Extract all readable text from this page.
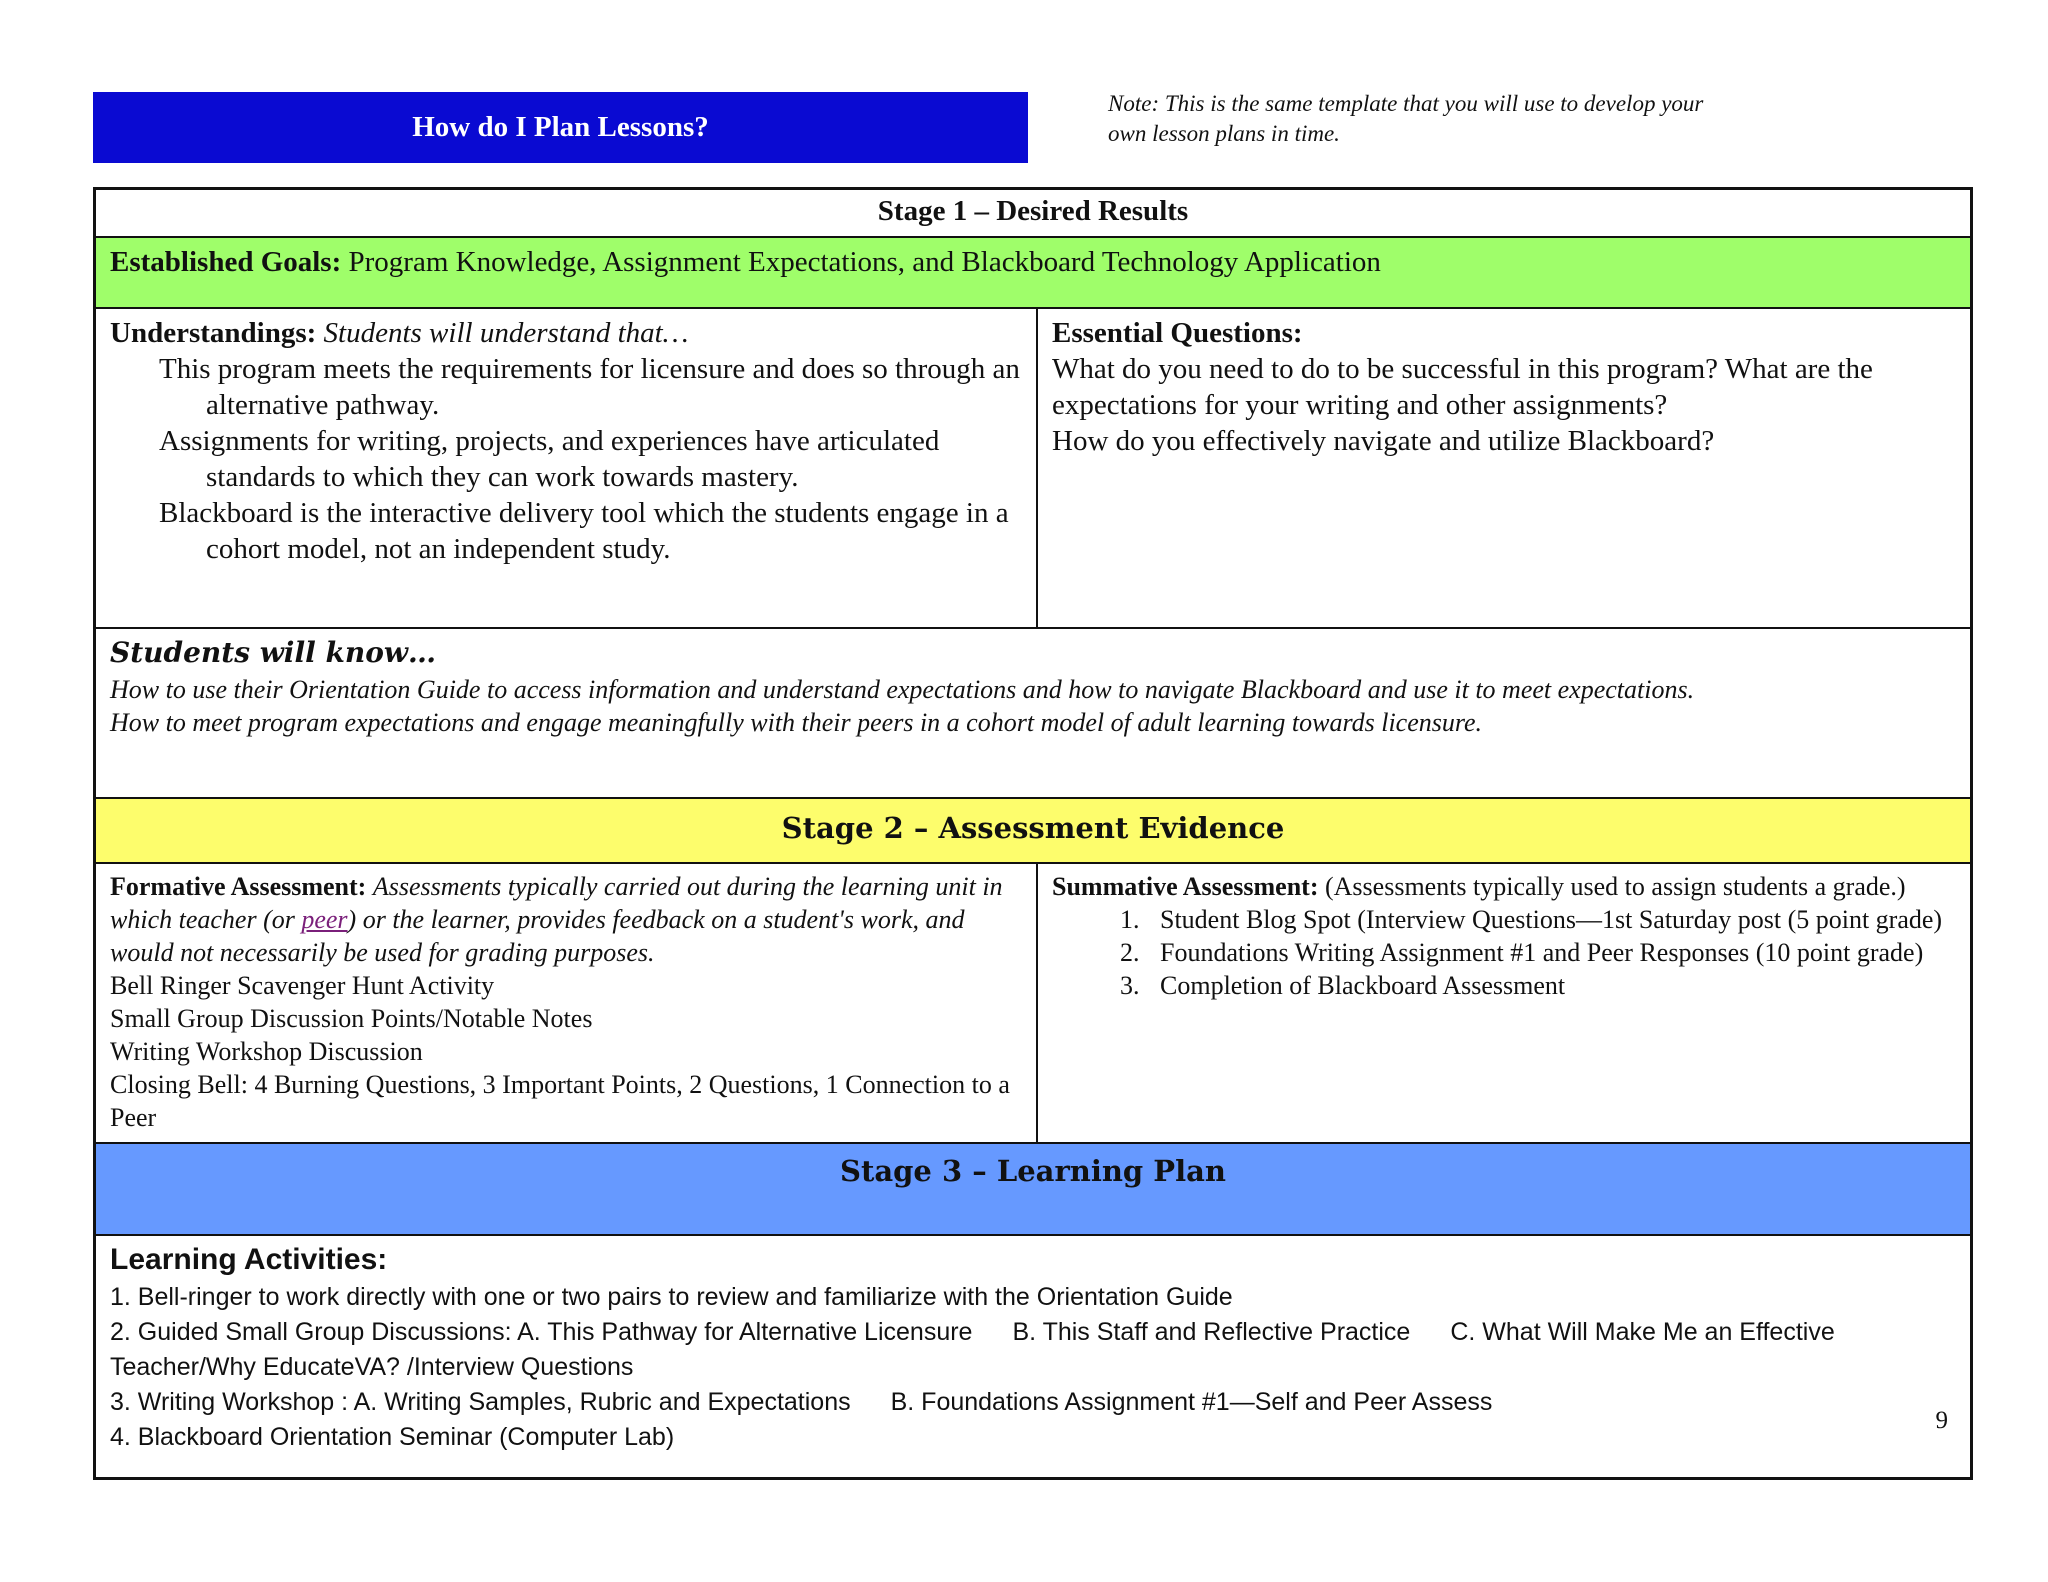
How do I Plan Lessons?
Note: This is the same template that you will use to develop your
own lesson plans in time.
Stage 1 – Desired Results
Established Goals: Program Knowledge, Assignment Expectations, and Blackboard Technology Application
Understandings: Students will understand that…
This program meets the requirements for licensure and does so through an alternative pathway.
Assignments for writing, projects, and experiences have articulated standards to which they can work towards mastery.
Blackboard is the interactive delivery tool which the students engage in a cohort model, not an independent study.
Essential Questions:
What do you need to do to be successful in this program? What are the expectations for your writing and other assignments?
How do you effectively navigate and utilize Blackboard?
Students will know…
How to use their Orientation Guide to access information and understand expectations and how to navigate Blackboard and use it to meet expectations.
How to meet program expectations and engage meaningfully with their peers in a cohort model of adult learning towards licensure.
Stage 2 – Assessment Evidence
Formative Assessment: Assessments typically carried out during the learning unit in which teacher (or peer) or the learner, provides feedback on a student's work, and would not necessarily be used for grading purposes.
Bell Ringer Scavenger Hunt Activity
Small Group Discussion Points/Notable Notes
Writing Workshop Discussion
Closing Bell: 4 Burning Questions, 3 Important Points, 2 Questions, 1 Connection to a Peer
Summative Assessment: (Assessments typically used to assign students a grade.)
1. Student Blog Spot (Interview Questions—1st Saturday post (5 point grade)
2. Foundations Writing Assignment #1 and Peer Responses (10 point grade)
3. Completion of Blackboard Assessment
Stage 3 – Learning Plan
Learning Activities:
1. Bell-ringer to work directly with one or two pairs to review and familiarize with the Orientation Guide
2. Guided Small Group Discussions: A. This Pathway for Alternative Licensure B. This Staff and Reflective Practice C. What Will Make Me an Effective Teacher/Why EducateVA? /Interview Questions
3. Writing Workshop : A. Writing Samples, Rubric and Expectations B. Foundations Assignment #1—Self and Peer Assess
4. Blackboard Orientation Seminar (Computer Lab)
9
